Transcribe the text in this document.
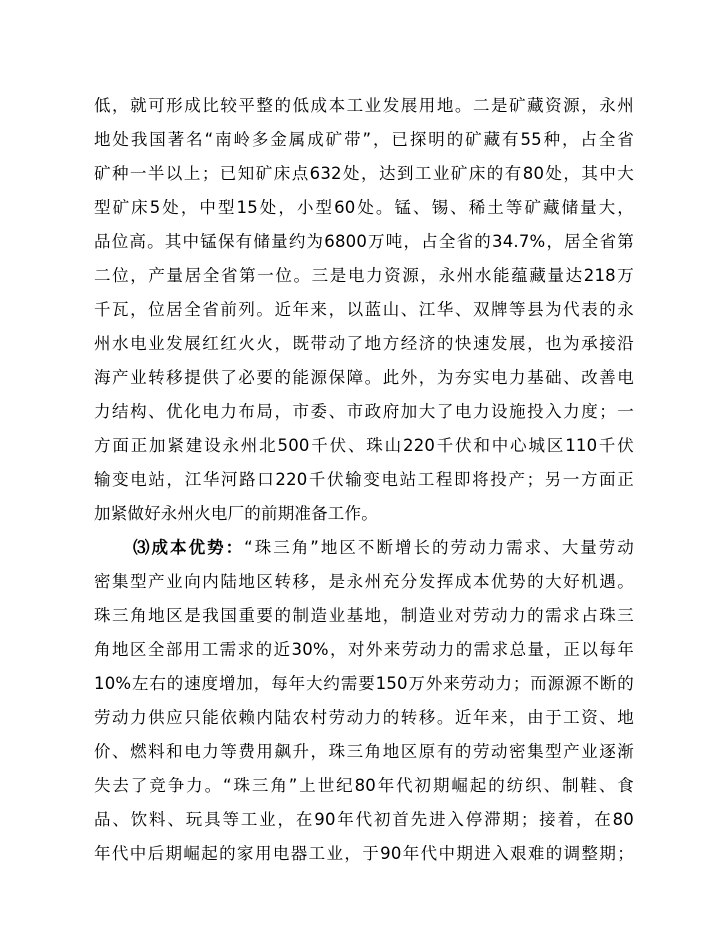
低，就可形成比较平整的低成本工业发展用地。二是矿藏资源，永州
地处我国著名“南岭多金属成矿带”，已探明的矿藏有55种，占全省
矿种一半以上；已知矿床点632处，达到工业矿床的有80处，其中大
型矿床5处，中型15处，小型60处。锰、锡、稀土等矿藏储量大，
品位高。其中锰保有储量约为6800万吨，占全省的34.7%，居全省第
二位，产量居全省第一位。三是电力资源，永州水能蕴藏量达218万
千瓦，位居全省前列。近年来，以蓝山、江华、双牌等县为代表的永
州水电业发展红红火火，既带动了地方经济的快速发展，也为承接沿
海产业转移提供了必要的能源保障。此外，为夯实电力基础、改善电
力结构、优化电力布局，市委、市政府加大了电力设施投入力度；一
方面正加紧建设永州北500千伏、珠山220千伏和中心城区110千伏
输变电站，江华河路口220千伏输变电站工程即将投产；另一方面正
加紧做好永州火电厂的前期准备工作。
⑶成本优势：“珠三角”地区不断增长的劳动力需求、大量劳动
密集型产业向内陆地区转移，是永州充分发挥成本优势的大好机遇。
珠三角地区是我国重要的制造业基地，制造业对劳动力的需求占珠三
角地区全部用工需求的近30%，对外来劳动力的需求总量，正以每年
10%左右的速度增加，每年大约需要150万外来劳动力；而源源不断的
劳动力供应只能依赖内陆农村劳动力的转移。近年来，由于工资、地
价、燃料和电力等费用飙升，珠三角地区原有的劳动密集型产业逐渐
失去了竞争力。“珠三角”上世纪80年代初期崛起的纺织、制鞋、食
品、饮料、玩具等工业，在90年代初首先进入停滞期；接着，在80
年代中后期崛起的家用电器工业，于90年代中期进入艰难的调整期；
